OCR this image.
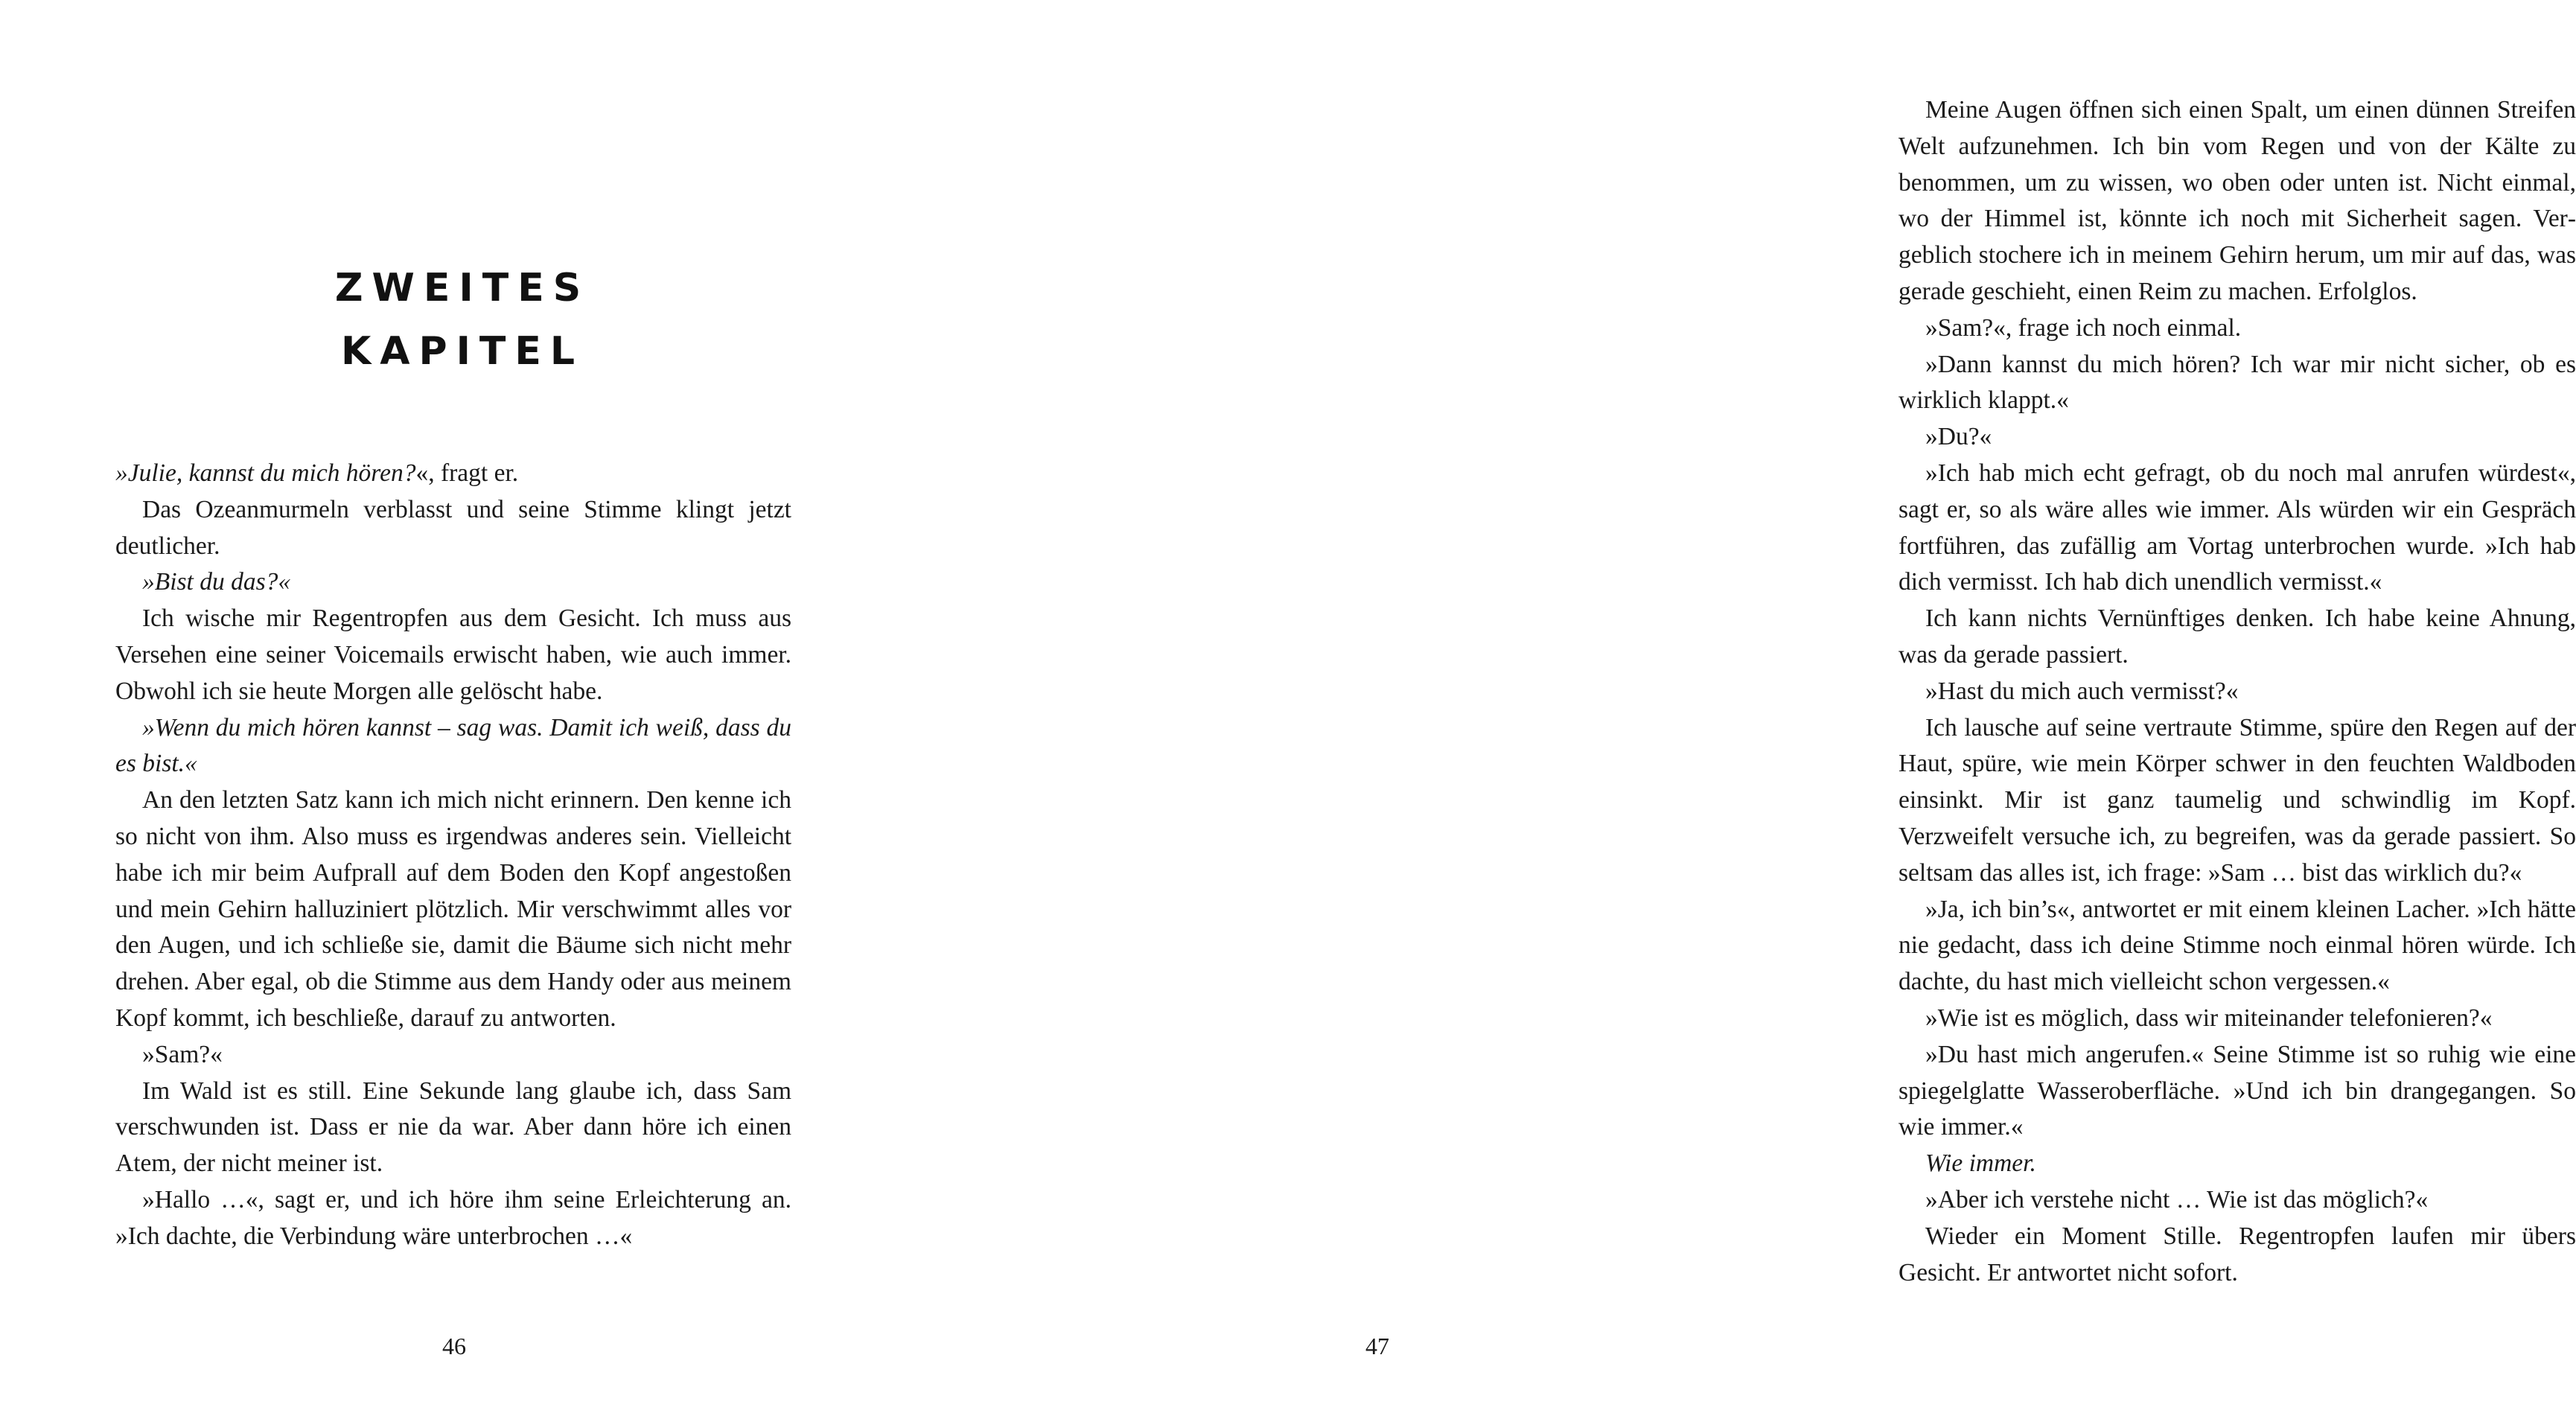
ZWEITES
KAPITEL

»Julie, kannst du mich hören?«, fragt er.

Das Ozeanmurmeln verblasst und seine Stimme klingt jetzt deutlicher.

»Bist du das?«

Ich wische mir Regentropfen aus dem Gesicht. Ich muss aus Versehen eine seiner Voicemails erwischt haben, wie auch immer. Obwohl ich sie heute Morgen alle gelöscht habe.

»Wenn du mich hören kannst – sag was. Damit ich weiß, dass du es bist.«

An den letzten Satz kann ich mich nicht erinnern. Den kenne ich so nicht von ihm. Also muss es irgendwas anderes sein. Vielleicht habe ich mir beim Aufprall auf dem Boden den Kopf angestoßen und mein Gehirn halluziniert plötzlich. Mir verschwimmt alles vor den Augen, und ich schließe sie, damit die Bäume sich nicht mehr drehen. Aber egal, ob die Stimme aus dem Handy oder aus meinem Kopf kommt, ich beschließe, darauf zu antworten.

»Sam?«

Im Wald ist es still. Eine Sekunde lang glaube ich, dass Sam verschwunden ist. Dass er nie da war. Aber dann höre ich einen Atem, der nicht meiner ist.

»Hallo …«, sagt er, und ich höre ihm seine Erleichterung an. »Ich dachte, die Verbindung wäre unterbrochen …«

46

Meine Augen öffnen sich einen Spalt, um einen dünnen Streifen Welt aufzunehmen. Ich bin vom Regen und von der Kälte zu benommen, um zu wissen, wo oben oder unten ist. Nicht einmal, wo der Himmel ist, könnte ich noch mit Sicherheit sagen. Vergeblich stochere ich in meinem Gehirn herum, um mir auf das, was gerade geschieht, einen Reim zu machen. Erfolglos.

»Sam?«, frage ich noch einmal.

»Dann kannst du mich hören? Ich war mir nicht sicher, ob es wirklich klappt.«

»Du?«

»Ich hab mich echt gefragt, ob du noch mal anrufen würdest«, sagt er, so als wäre alles wie immer. Als würden wir ein Gespräch fortführen, das zufällig am Vortag unterbrochen wurde. »Ich hab dich vermisst. Ich hab dich unendlich vermisst.«

Ich kann nichts Vernünftiges denken. Ich habe keine Ahnung, was da gerade passiert.

»Hast du mich auch vermisst?«

Ich lausche auf seine vertraute Stimme, spüre den Regen auf der Haut, spüre, wie mein Körper schwer in den feuchten Waldboden einsinkt. Mir ist ganz taumelig und schwindlig im Kopf. Verzweifelt versuche ich, zu begreifen, was da gerade passiert. So seltsam das alles ist, ich frage: »Sam … bist das wirklich du?«

»Ja, ich bin’s«, antwortet er mit einem kleinen Lacher. »Ich hätte nie gedacht, dass ich deine Stimme noch einmal hören würde. Ich dachte, du hast mich vielleicht schon vergessen.«

»Wie ist es möglich, dass wir miteinander telefonieren?«

»Du hast mich angerufen.« Seine Stimme ist so ruhig wie eine spiegelglatte Wasseroberfläche. »Und ich bin drangegangen. So wie immer.«

Wie immer.

»Aber ich verstehe nicht … Wie ist das möglich?«

Wieder ein Moment Stille. Regentropfen laufen mir übers Gesicht. Er antwortet nicht sofort.

47
